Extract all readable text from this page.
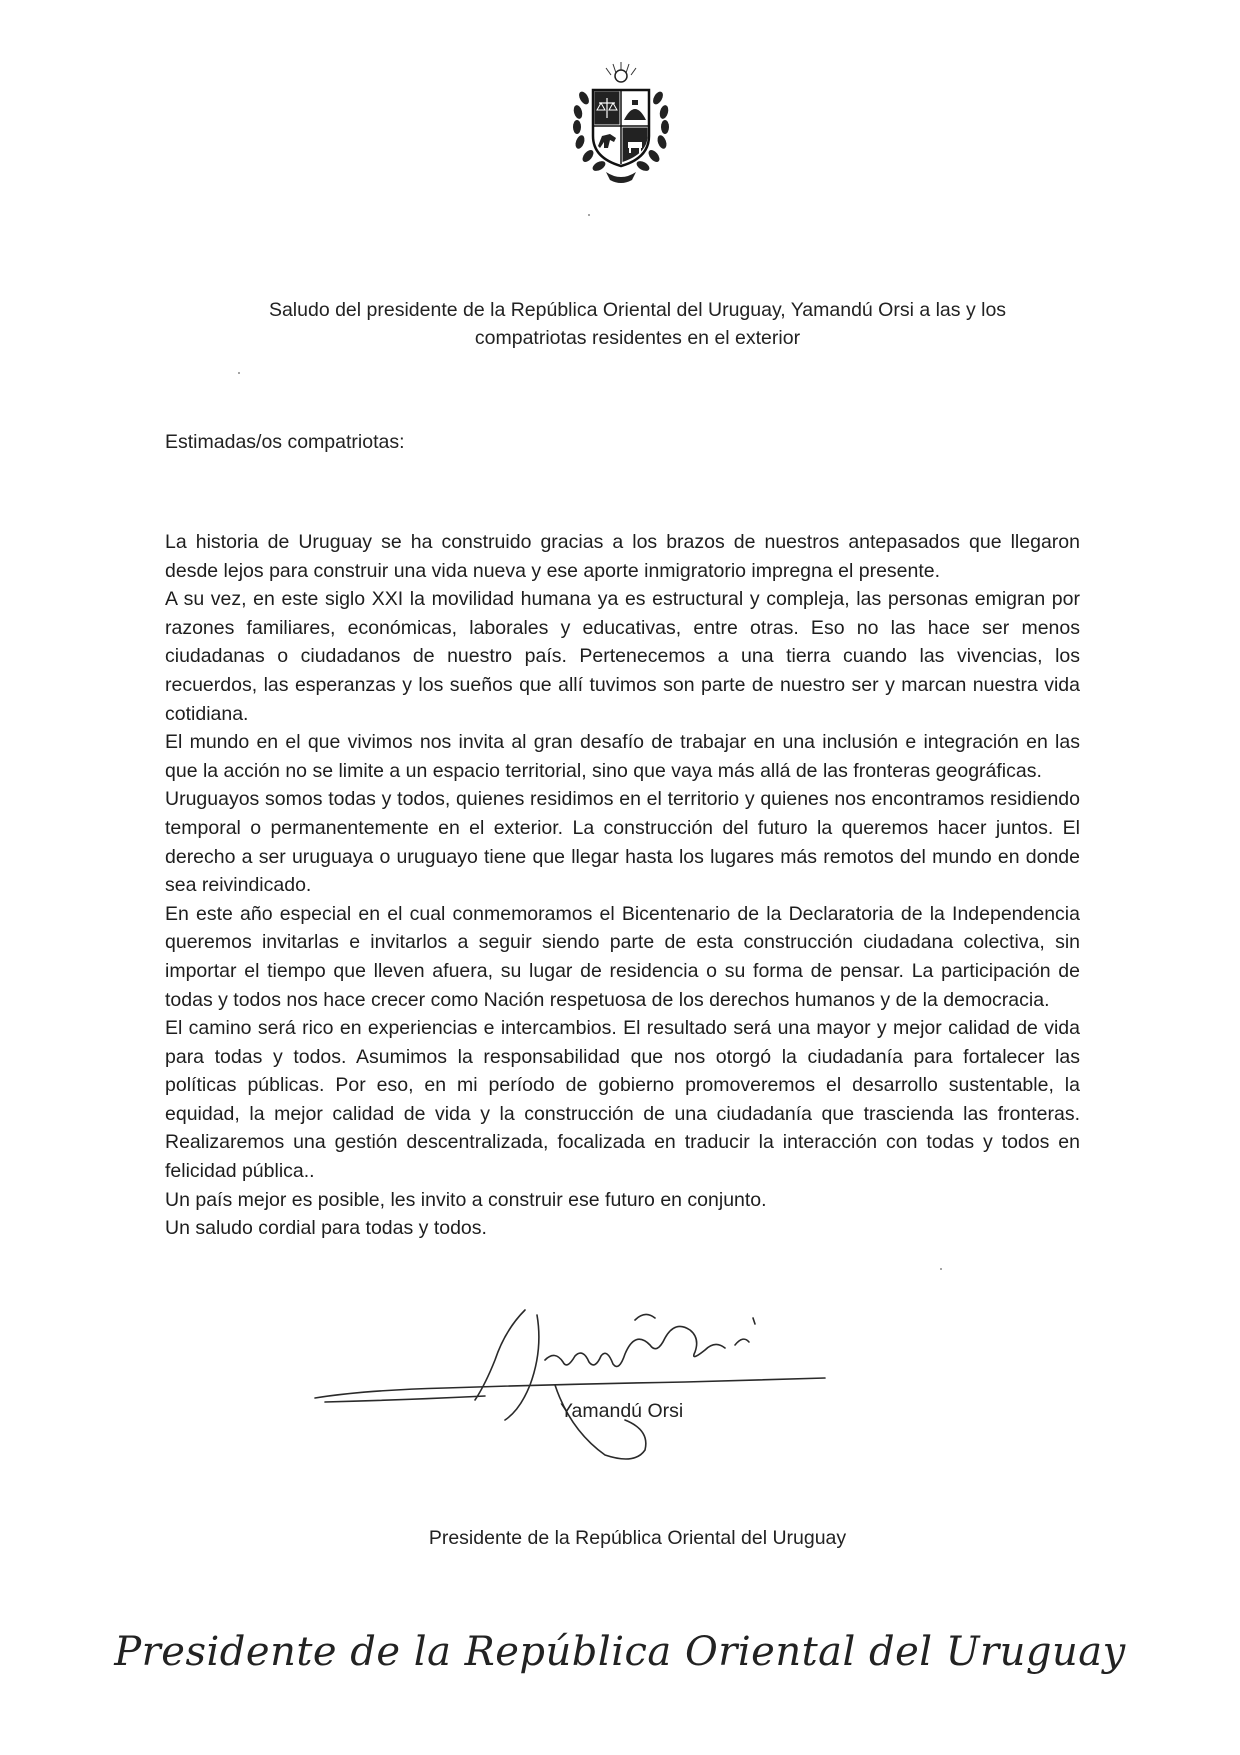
Saludo del presidente de la República Oriental del Uruguay, Yamandú Orsi a las y los
compatriotas residentes en el exterior
Estimadas/os compatriotas:

La historia de Uruguay se ha construido gracias a los brazos de nuestros antepasados que llegaron desde lejos para construir una vida nueva y ese aporte inmigratorio impregna el presente.

A su vez, en este siglo XXI la movilidad humana ya es estructural y compleja, las personas emigran por razones familiares, económicas, laborales y educativas, entre otras. Eso no las hace ser menos ciudadanas o ciudadanos de nuestro país. Pertenecemos a una tierra cuando las vivencias, los recuerdos, las esperanzas y los sueños que allí tuvimos son parte de nuestro ser y marcan nuestra vida cotidiana.

El mundo en el que vivimos nos invita al gran desafío de trabajar en una inclusión e integración en las que la acción no se limite a un espacio territorial, sino que vaya más allá de las fronteras geográficas.

Uruguayos somos todas y todos, quienes residimos en el territorio y quienes nos encontramos residiendo temporal o permanentemente en el exterior. La construcción del futuro la queremos hacer juntos. El derecho a ser uruguaya o uruguayo tiene que llegar hasta los lugares más remotos del mundo en donde sea reivindicado.

En este año especial en el cual conmemoramos el Bicentenario de la Declaratoria de la Independencia queremos invitarlas e invitarlos a seguir siendo parte de esta construcción ciudadana colectiva, sin importar el tiempo que lleven afuera, su lugar de residencia o su forma de pensar. La participación de todas y todos nos hace crecer como Nación respetuosa de los derechos humanos y de la democracia.

El camino será rico en experiencias e intercambios. El resultado será una mayor y mejor calidad de vida para todas y todos. Asumimos la responsabilidad que nos otorgó la ciudadanía para fortalecer las políticas públicas. Por eso, en mi período de gobierno promoveremos el desarrollo sustentable, la equidad, la mejor calidad de vida y la construcción de una ciudadanía que trascienda las fronteras. Realizaremos una gestión descentralizada, focalizada en traducir la interacción con todas y todos en felicidad pública..

Un país mejor es posible, les invito a construir ese futuro en conjunto.

Un saludo cordial para todas y todos.

Yamandú Orsi
Presidente de la República Oriental del Uruguay
Presidente de la República Oriental del Uruguay
